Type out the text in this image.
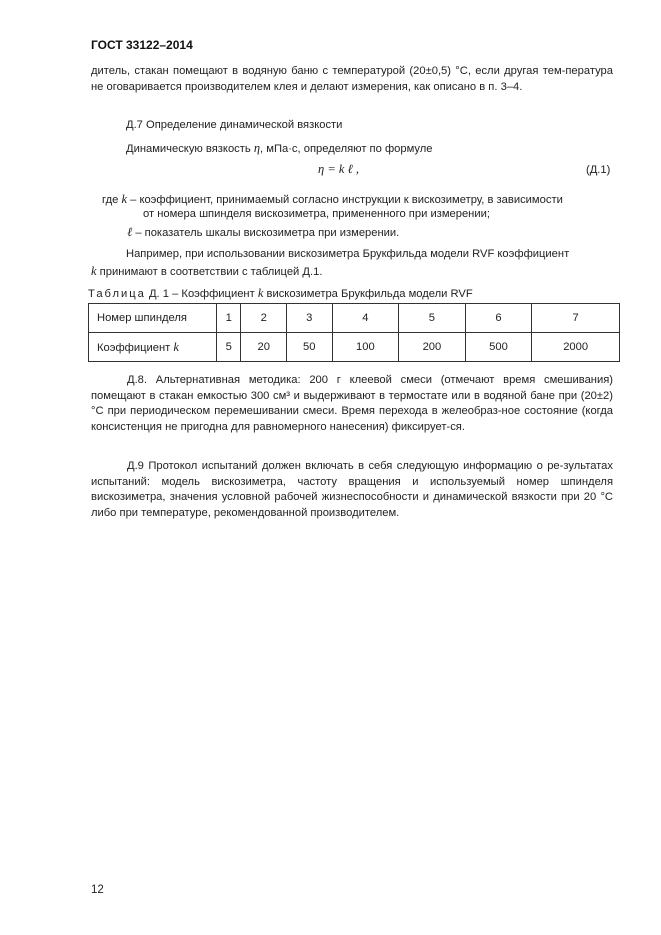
ГОСТ 33122–2014
дитель, стакан помещают в водяную баню с температурой (20±0,5) °С, если другая тем-пература не оговаривается производителем клея и делают измерения, как описано в п. 3–4.
Д.7 Определение динамической вязкости
Динамическую вязкость η, мПа·с, определяют по формуле
η = k ℓ ,	(Д.1)
где k – коэффициент, принимаемый согласно инструкции к вискозиметру, в зависимости
от номера шпинделя вискозиметра, примененного при измерении;
ℓ – показатель шкалы вискозиметра при измерении.
Например, при использовании вискозиметра Брукфильда модели RVF коэффициент
k принимают в соответствии с таблицей Д.1.
Таблица Д. 1 – Коэффициент k вискозиметра Брукфильда модели RVF
Номер шпинделя	1	2	3	4	5	6	7
Коэффициент k	5	20	50	100	200	500	2000
Д.8. Альтернативная методика: 200 г клеевой смеси (отмечают время смешивания) помещают в стакан емкостью 300 см³ и выдерживают в термостате или в водяной бане при (20±2) °С при периодическом перемешивании смеси. Время перехода в желеобраз-ное состояние (когда консистенция не пригодна для равномерного нанесения) фиксирует-ся.
Д.9 Протокол испытаний должен включать в себя следующую информацию о ре-зультатах испытаний: модель вискозиметра, частоту вращения и используемый номер шпинделя вискозиметра, значения условной рабочей жизнеспособности и динамической вязкости при 20 °С либо при температуре, рекомендованной производителем.
12
